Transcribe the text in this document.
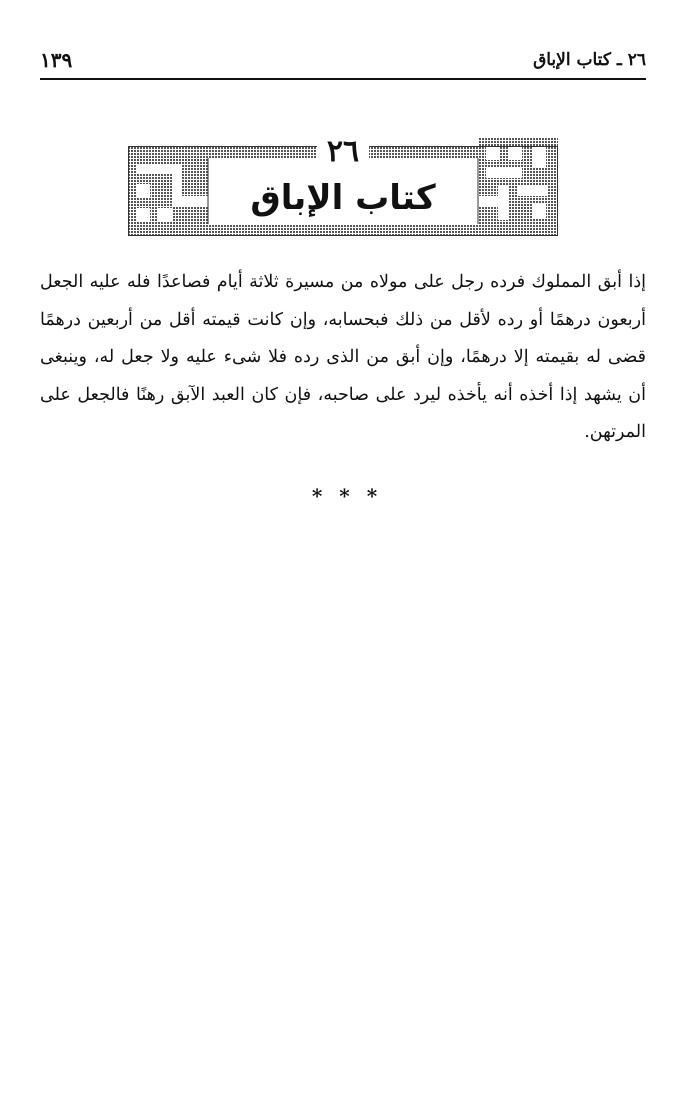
١٣٩	٢٦ ـ كتاب الإباق
٢٦
كتاب الإباق
إذا أبق المملوك فرده رجل على مولاه من مسيرة ثلاثة أيام فصاعدًا فله عليه الجعل أربعون درهمًا أو رده لأقل من ذلك فبحسابه، وإن كانت قيمته أقل من أربعين درهمًا قضى له بقيمته إلا درهمًا، وإن أبق من الذى رده فلا شىء عليه ولا جعل له، وينبغى أن يشهد إذا أخذه أنه يأخذه ليرد على صاحبه، فإن كان العبد الآبق رهنًا فالجعل على المرتهن.
* * *
